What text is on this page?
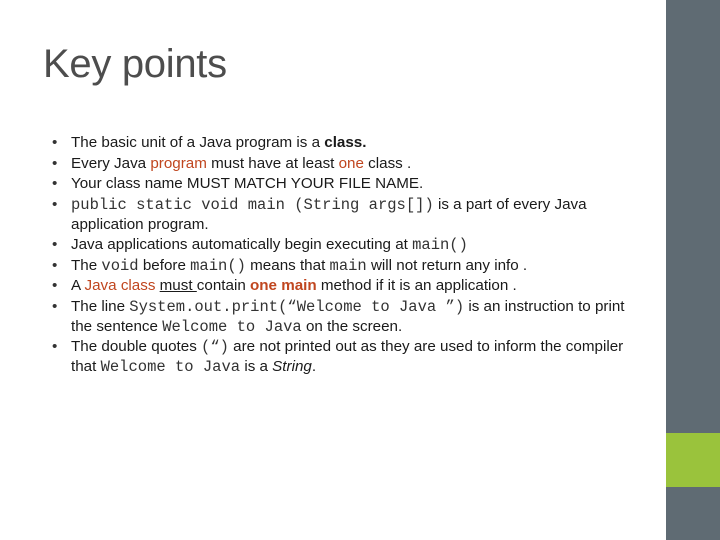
Key points
• The basic unit of a Java program is a class.
• Every Java program must have at least one class .
• Your class name MUST MATCH YOUR FILE NAME.
• public static void main (String args[]) is a part of every Java application program.
• Java applications automatically begin executing at main()
• The void before main() means that main will not return any info .
• A Java class must contain one main method if it is an application .
• The line System.out.print(“Welcome to Java ”) is an instruction to print the sentence Welcome to Java on the screen.
• The double quotes (“) are not printed out as they are used to inform the compiler that Welcome to Java is a String.
